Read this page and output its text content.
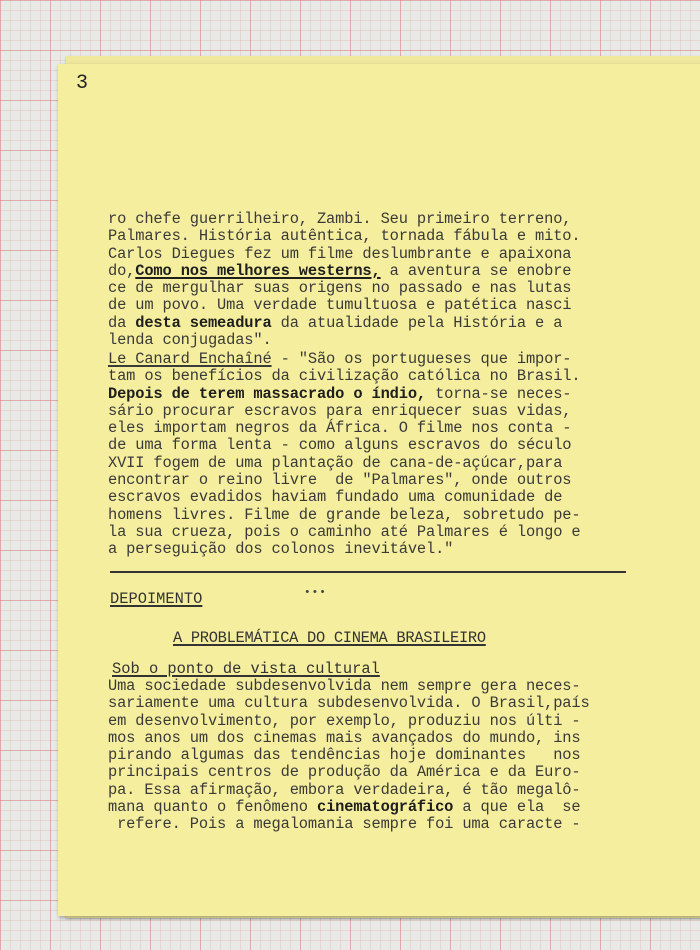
3
ro chefe guerrilheiro, Zambi. Seu primeiro terreno,
Palmares. História autêntica, tornada fábula e mito.
Carlos Diegues fez um filme deslumbrante e apaixona
do,Como nos melhores westerns, a aventura se enobre
ce de mergulhar suas origens no passado e nas lutas
de um povo. Uma verdade tumultuosa e patética nasci
da desta semeadura da atualidade pela História e a
lenda conjugadas".
Le Canard Enchaîné - "São os portugueses que impor-
tam os benefícios da civilização católica no Brasil.
Depois de terem massacrado o índio, torna-se neces-
sário procurar escravos para enriquecer suas vidas,
eles importam negros da África. O filme nos conta -
de uma forma lenta - como alguns escravos do século
XVII fogem de uma plantação de cana-de-açúcar,para
encontrar o reino livre  de "Palmares", onde outros
escravos evadidos haviam fundado uma comunidade de
homens livres. Filme de grande beleza, sobretudo pe-
la sua crueza, pois o caminho até Palmares é longo e
a perseguição dos colonos inevitável."
•••
DEPOIMENTO
A PROBLEMÁTICA DO CINEMA BRASILEIRO
Sob o ponto de vista cultural
Uma sociedade subdesenvolvida nem sempre gera neces-
sariamente uma cultura subdesenvolvida. O Brasil,país
em desenvolvimento, por exemplo, produziu nos últi -
mos anos um dos cinemas mais avançados do mundo, ins
pirando algumas das tendências hoje dominantes   nos
principais centros de produção da América e da Euro-
pa. Essa afirmação, embora verdadeira, é tão megalô-
mana quanto o fenômeno cinematográfico a que ela  se
refere. Pois a megalomania sempre foi uma caracte -
